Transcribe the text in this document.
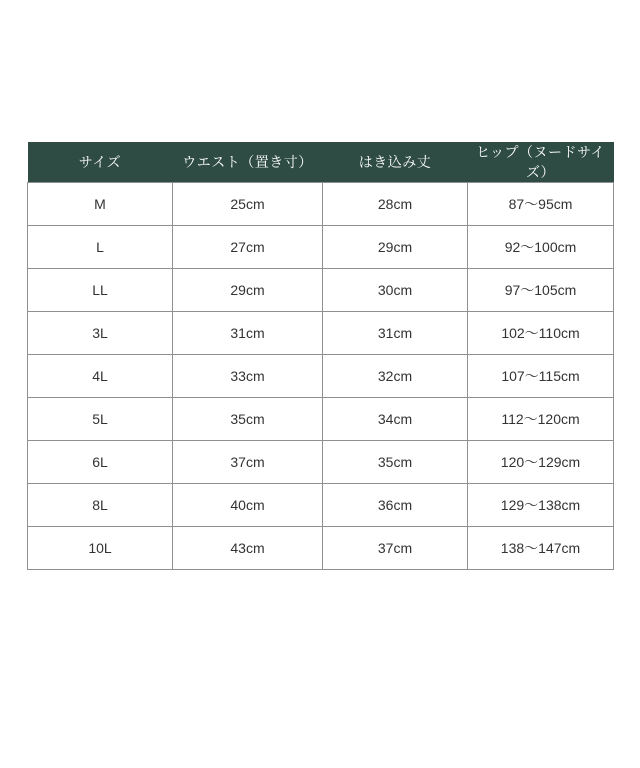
サイズ	ウエスト（置き寸）	はき込み丈	ヒップ（ヌードサイズ）
M	25cm	28cm	87〜95cm
L	27cm	29cm	92〜100cm
LL	29cm	30cm	97〜105cm
3L	31cm	31cm	102〜110cm
4L	33cm	32cm	107〜115cm
5L	35cm	34cm	112〜120cm
6L	37cm	35cm	120〜129cm
8L	40cm	36cm	129〜138cm
10L	43cm	37cm	138〜147cm
